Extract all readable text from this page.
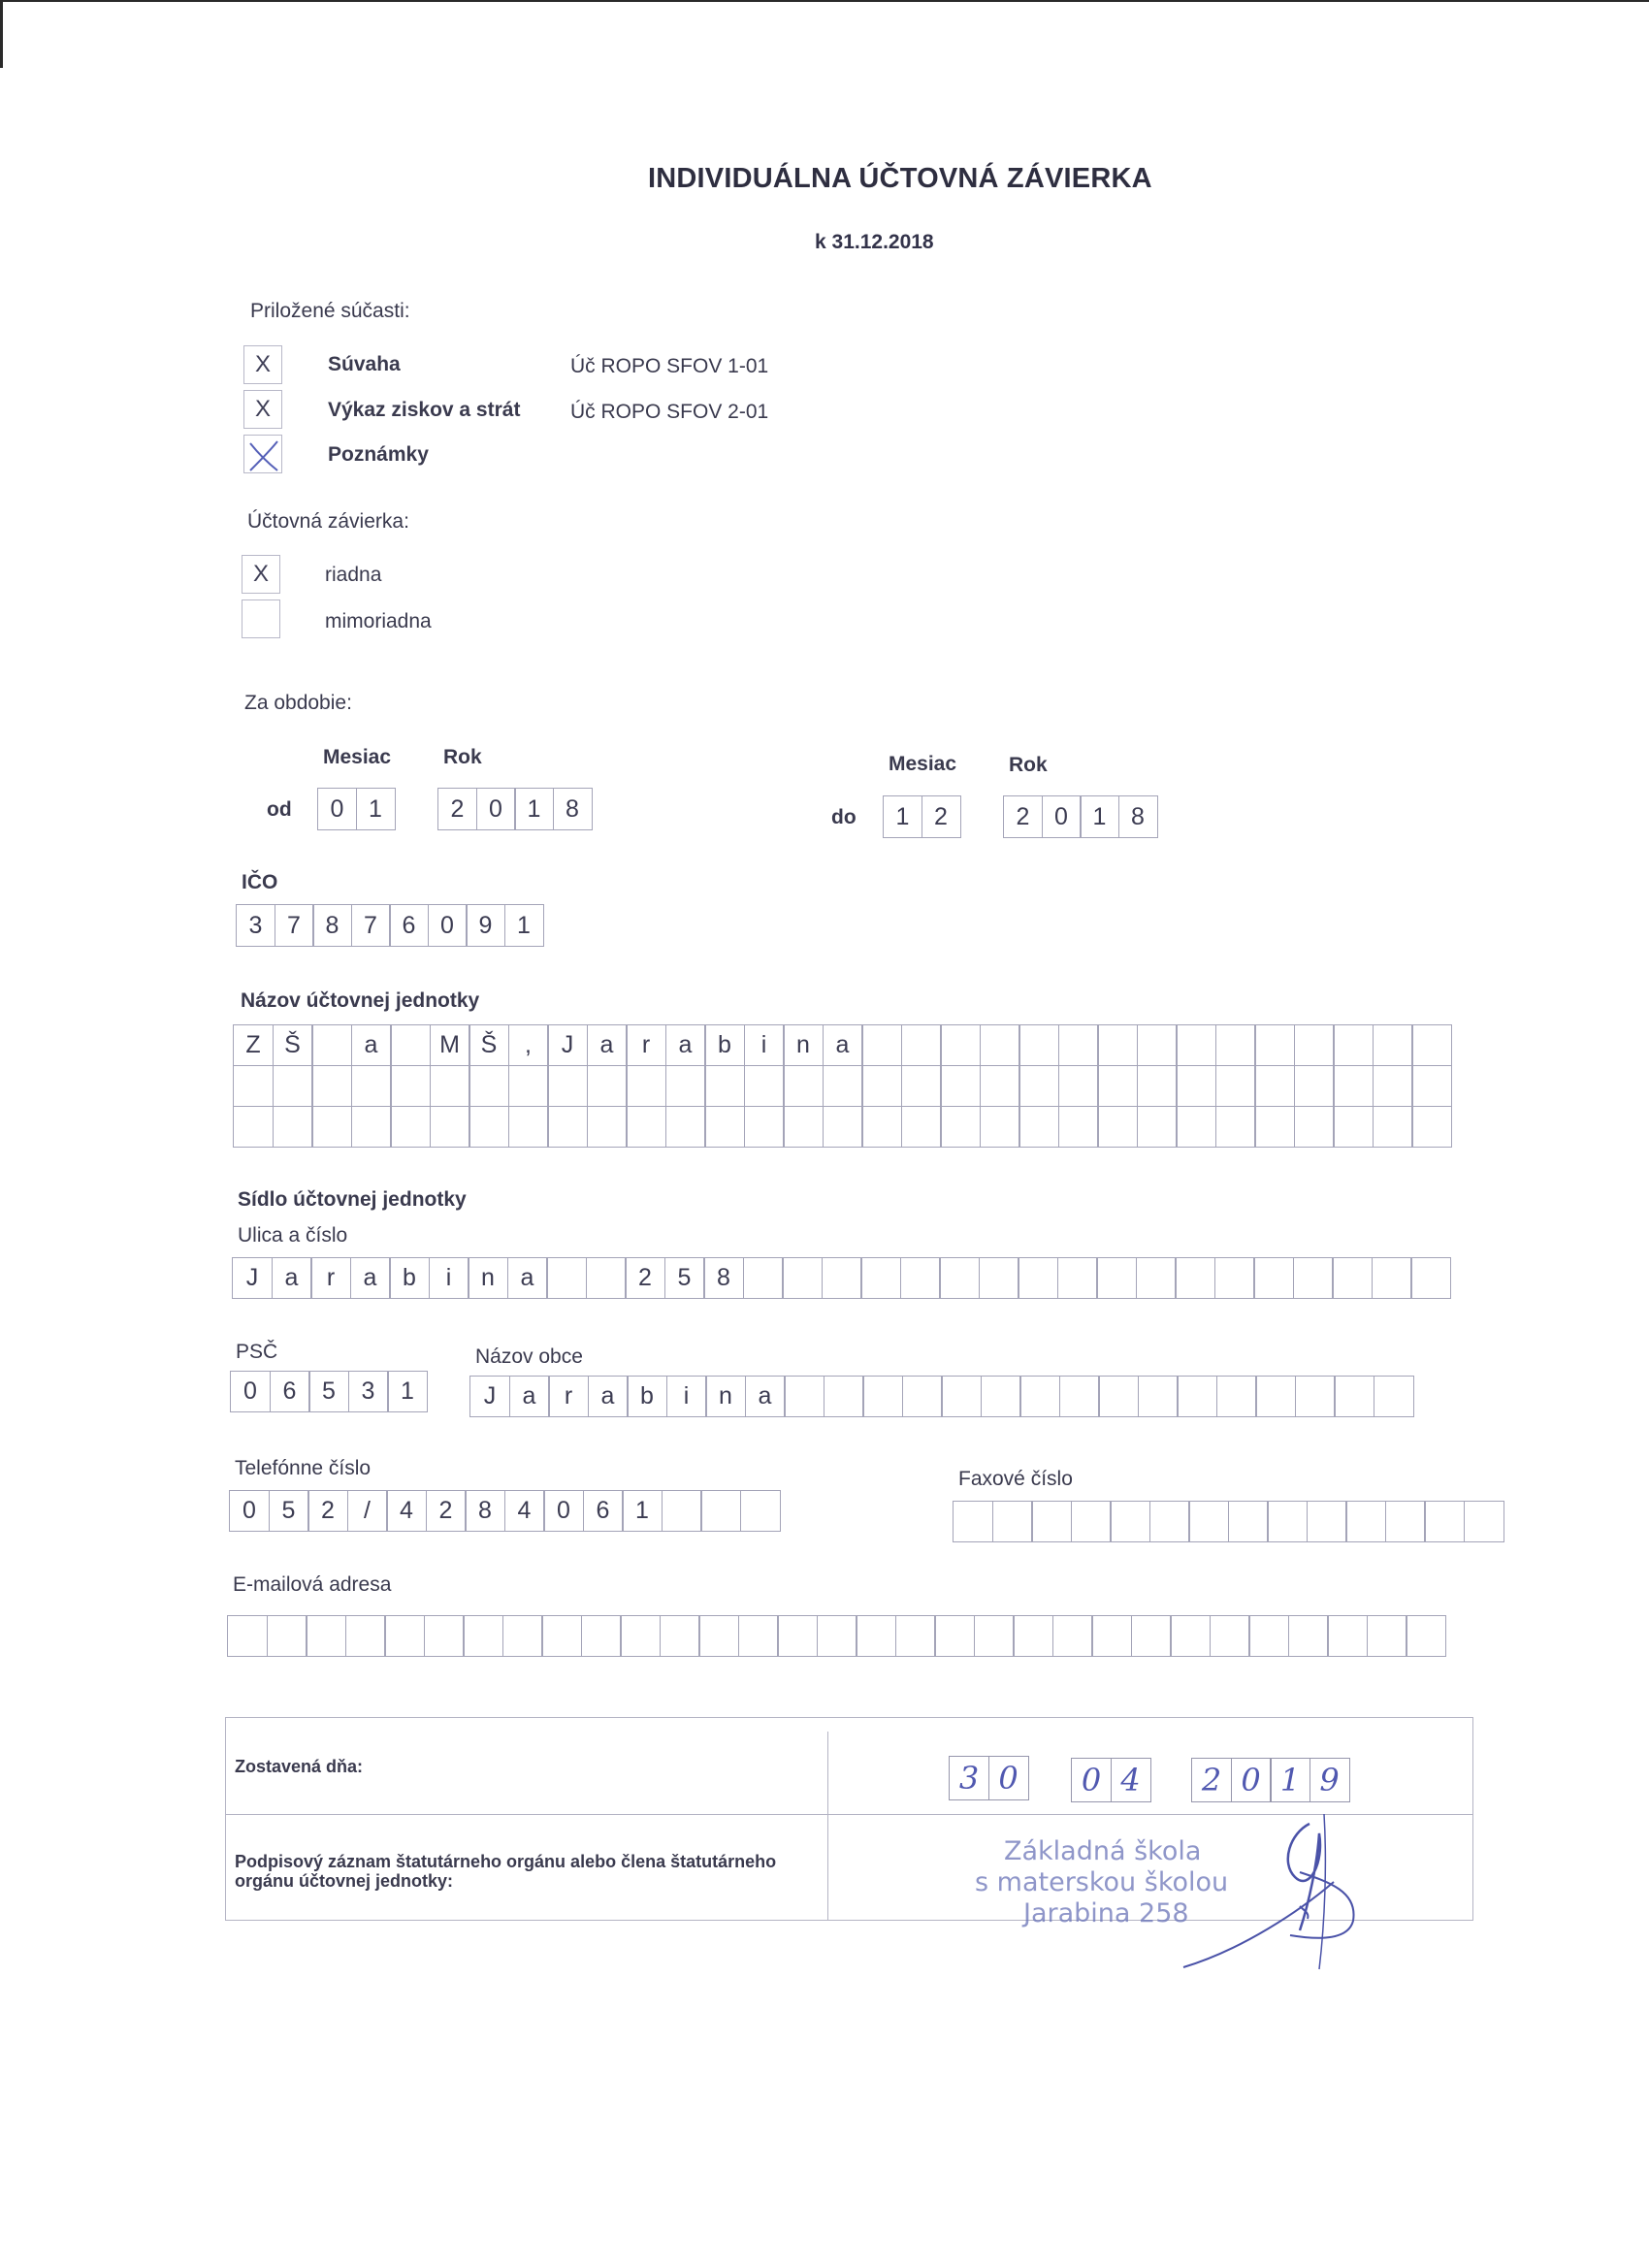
INDIVIDUÁLNA ÚČTOVNÁ ZÁVIERKA
k 31.12.2018
Priložené súčasti:
X	Súvaha	Úč ROPO SFOV 1-01
X	Výkaz ziskov a strát Úč ROPO SFOV 2-01
Poznámky
Účtovná závierka:
X	riadna
mimoriadna
Za obdobie:
Mesiac	Rok
od	0	1	2	0	1	8
Mesiac	Rok
do	1	2	2	0	1	8
IČO
3	7	8	7	6	0	9	1
Názov účtovnej jednotky
Z Š	a	M Š	,	J	a	r	a	b	i	n	a
Sídlo účtovnej jednotky
Ulica a číslo
J	a	r	a	b	i	n	a	2	5	8
PSČ
0	6	5	3	1
Názov obce
J	a	r	a	b	i	n	a
Telefónne číslo
0	5	2	/	4	2	8	4	0	6	1
Faxové číslo
E-mailová adresa
Zostavená dňa:
Podpisový záznam štatutárneho orgánu alebo člena štatutárneho orgánu účtovnej jednotky:
3 0	0 4	2 0 1 9
Základná škola
s materskou školou
Jarabina 258
